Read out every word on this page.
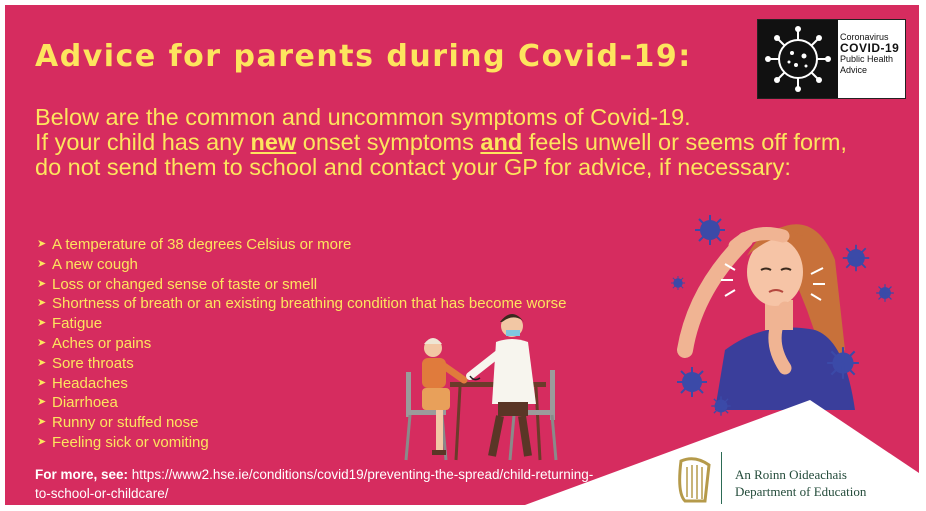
Advice for parents during Covid-19:
Coronavirus
COVID-19
Public Health
Advice

Below are the common and uncommon symptoms of Covid-19.

If your child has any new onset symptoms and feels unwell or seems off form, do not send them to school and contact your GP for advice, if necessary:

➤ A temperature of 38 degrees Celsius or more
➤ A new cough
➤ Loss or changed sense of taste or smell
➤ Shortness of breath or an existing breathing condition that has become worse
➤ Fatigue
➤ Aches or pains
➤ Sore throats
➤ Headaches
➤ Diarrhoea
➤ Runny or stuffed nose
➤ Feeling sick or vomiting
An Roinn Oideachais
Department of Education
For more, see: https://www2.hse.ie/conditions/covid19/preventing-the-spread/child-returning-to-school-or-childcare/
